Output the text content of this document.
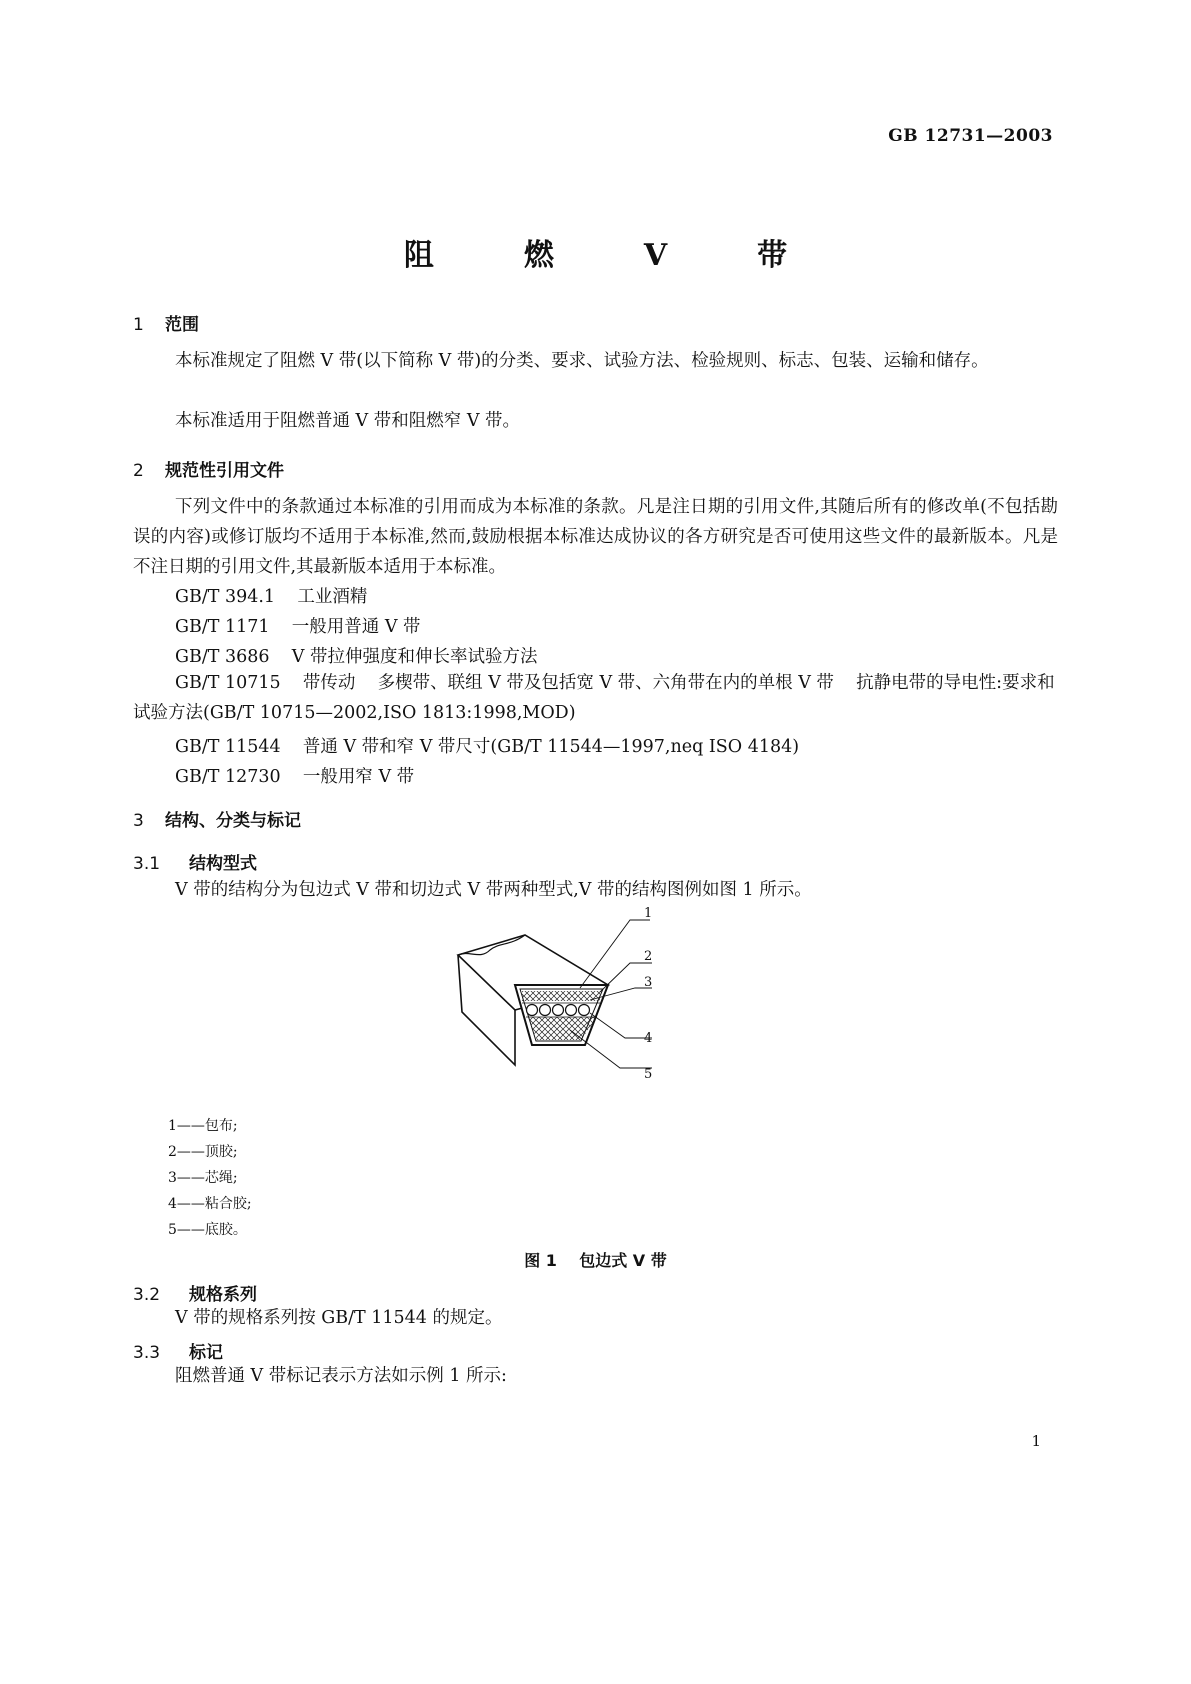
GB 12731—2003
阻燃V带
1 范围
本标准规定了阻燃 V 带(以下简称 V 带)的分类、要求、试验方法、检验规则、标志、包装、运输和储存。
本标准适用于阻燃普通 V 带和阻燃窄 V 带。
2 规范性引用文件
下列文件中的条款通过本标准的引用而成为本标准的条款。凡是注日期的引用文件,其随后所有的修改单(不包括勘误的内容)或修订版均不适用于本标准,然而,鼓励根据本标准达成协议的各方研究是否可使用这些文件的最新版本。凡是不注日期的引用文件,其最新版本适用于本标准。
GB/T 394.1    工业酒精
GB/T 1171    一般用普通 V 带
GB/T 3686    V 带拉伸强度和伸长率试验方法
GB/T 10715    带传动    多楔带、联组 V 带及包括宽 V 带、六角带在内的单根 V 带    抗静电带的导电性:要求和试验方法(GB/T 10715—2002,ISO 1813:1998,MOD)
GB/T 11544    普通 V 带和窄 V 带尺寸(GB/T 11544—1997,neq ISO 4184)
GB/T 12730    一般用窄 V 带
3 结构、分类与标记
3.1 结构型式
V 带的结构分为包边式 V 带和切边式 V 带两种型式,V 带的结构图例如图 1 所示。
1
2
3
4
5
1——包布;
2——顶胶;
3——芯绳;
4——粘合胶;
5——底胶。
图 1    包边式 V 带
3.2 规格系列
V 带的规格系列按 GB/T 11544 的规定。
3.3 标记
阻燃普通 V 带标记表示方法如示例 1 所示:
1
